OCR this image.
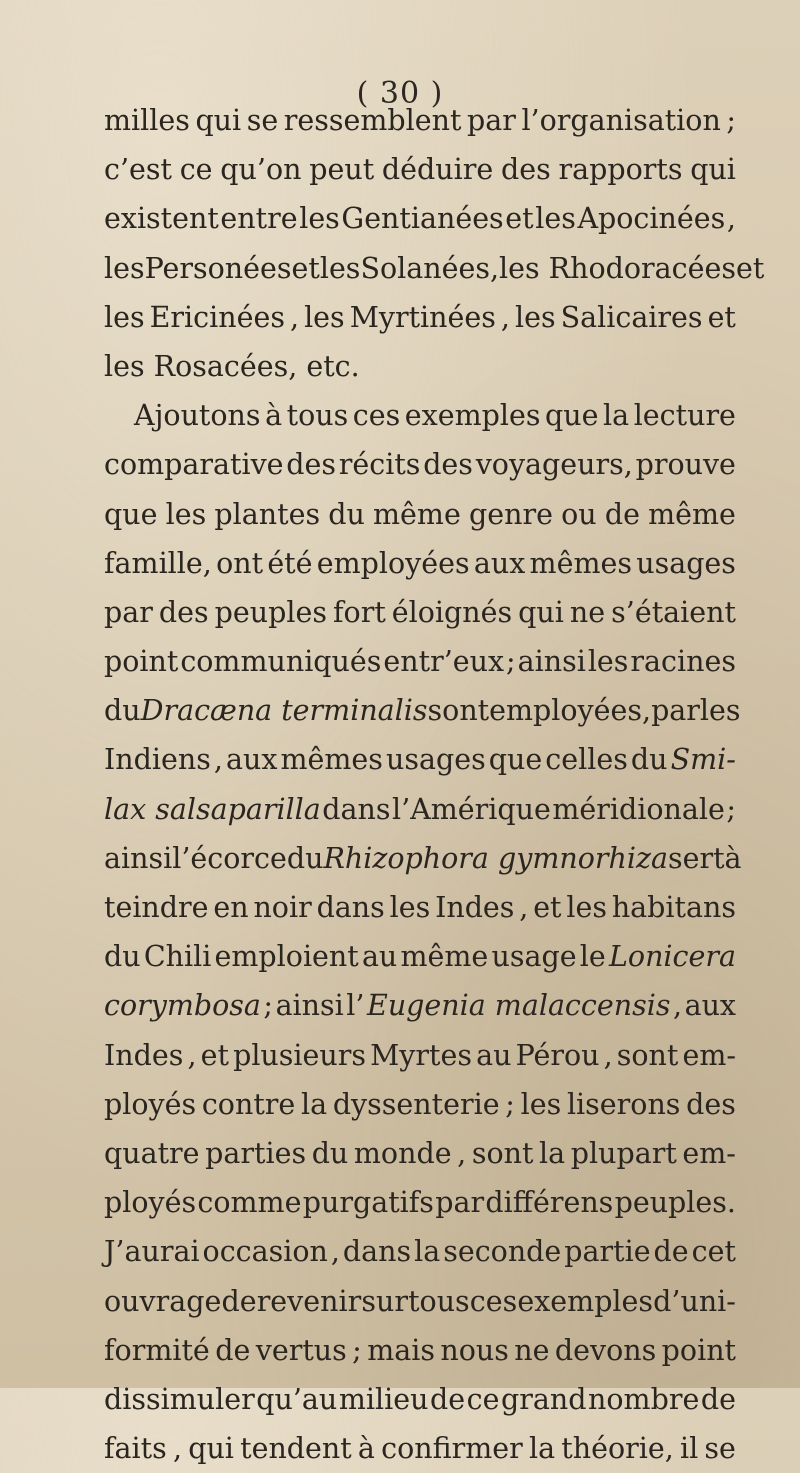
( 30 )
milles qui se ressemblent par l’organisation ;
c’est ce qu’on peut déduire des rapports qui
existent entre les Gentianées et les Apocinées ,
les Personées et les Solanées , les Rhodoracées et
les Ericinées , les Myrtinées , les Salicaires et
les Rosacées, etc.
Ajoutons à tous ces exemples que la lecture
comparative des récits des voyageurs, prouve
que les plantes du même genre ou de même
famille, ont été employées aux mêmes usages
par des peuples fort éloignés qui ne s’étaient
point communiqués entr’eux ; ainsi les racines
du Dracæna terminalis sont employées , par les
Indiens , aux mêmes usages que celles du Smi-
lax salsaparilla dans l’Amérique méridionale ;
ainsi l’écorce du Rhizophora gymnorhiza sert à
teindre en noir dans les Indes , et les habitans
du Chili emploient au même usage le Lonicera
corymbosa ; ainsi l’ Eugenia malaccensis , aux
Indes , et plusieurs Myrtes au Pérou , sont em-
ployés contre la dyssenterie ; les liserons des
quatre parties du monde , sont la plupart em-
ployés comme purgatifs par différens peuples.
J’aurai occasion , dans la seconde partie de cet
ouvrage de revenir sur tous ces exemples d’uni-
formité de vertus ; mais nous ne devons point
dissimuler qu’au milieu de ce grand nombre de
faits , qui tendent à confirmer la théorie, il se
